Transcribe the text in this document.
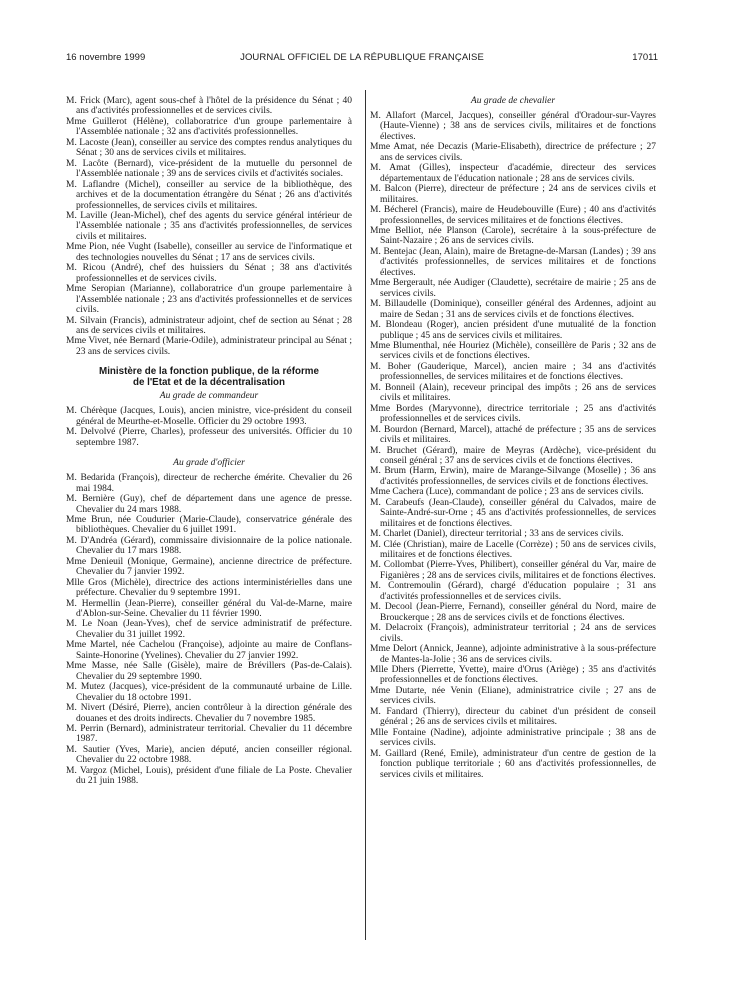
16 novembre 1999	JOURNAL OFFICIEL DE LA RÉPUBLIQUE FRANÇAISE	17011

M. Frick (Marc), agent sous-chef à l'hôtel de la présidence du Sénat ; 40 ans d'activités professionnelles et de services civils.

Mme Guillerot (Hélène), collaboratrice d'un groupe parlementaire à l'Assemblée nationale ; 32 ans d'activités professionnelles.

M. Lacoste (Jean), conseiller au service des comptes rendus analytiques du Sénat ; 30 ans de services civils et militaires.

M. Lacôte (Bernard), vice-président de la mutuelle du personnel de l'Assemblée nationale ; 39 ans de services civils et d'activités sociales.

M. Laflandre (Michel), conseiller au service de la bibliothèque, des archives et de la documentation étrangère du Sénat ; 26 ans d'activités professionnelles, de services civils et militaires.

M. Laville (Jean-Michel), chef des agents du service général intérieur de l'Assemblée nationale ; 35 ans d'activités professionnelles, de services civils et militaires.

Mme Pion, née Vught (Isabelle), conseiller au service de l'informatique et des technologies nouvelles du Sénat ; 17 ans de services civils.

M. Ricou (André), chef des huissiers du Sénat ; 38 ans d'activités professionnelles et de services civils.

Mme Seropian (Marianne), collaboratrice d'un groupe parlementaire à l'Assemblée nationale ; 23 ans d'activités professionnelles et de services civils.

M. Silvain (Francis), administrateur adjoint, chef de section au Sénat ; 28 ans de services civils et militaires.

Mme Vivet, née Bernard (Marie-Odile), administrateur principal au Sénat ; 23 ans de services civils.

Ministère de la fonction publique, de la réforme
de l'Etat et de la décentralisation
Au grade de commandeur

M. Chérèque (Jacques, Louis), ancien ministre, vice-président du conseil général de Meurthe-et-Moselle. Officier du 29 octobre 1993.

M. Delvolvé (Pierre, Charles), professeur des universités. Officier du 10 septembre 1987.

Au grade d'officier

M. Bedarida (François), directeur de recherche émérite. Chevalier du 26 mai 1984.

M. Bernière (Guy), chef de département dans une agence de presse. Chevalier du 24 mars 1988.

Mme Brun, née Coudurier (Marie-Claude), conservatrice générale des bibliothèques. Chevalier du 6 juillet 1991.

M. D'Andréa (Gérard), commissaire divisionnaire de la police nationale. Chevalier du 17 mars 1988.

Mme Denieuil (Monique, Germaine), ancienne directrice de préfecture. Chevalier du 7 janvier 1992.

Mlle Gros (Michèle), directrice des actions interministérielles dans une préfecture. Chevalier du 9 septembre 1991.

M. Hermellin (Jean-Pierre), conseiller général du Val-de-Marne, maire d'Ablon-sur-Seine. Chevalier du 11 février 1990.

M. Le Noan (Jean-Yves), chef de service administratif de préfecture. Chevalier du 31 juillet 1992.

Mme Martel, née Cachelou (Françoise), adjointe au maire de Conflans-Sainte-Honorine (Yvelines). Chevalier du 27 janvier 1992.

Mme Masse, née Salle (Gisèle), maire de Brévillers (Pas-de-Calais). Chevalier du 29 septembre 1990.

M. Mutez (Jacques), vice-président de la communauté urbaine de Lille. Chevalier du 18 octobre 1991.

M. Nivert (Désiré, Pierre), ancien contrôleur à la direction générale des douanes et des droits indirects. Chevalier du 7 novembre 1985.

M. Perrin (Bernard), administrateur territorial. Chevalier du 11 décembre 1987.

M. Sautier (Yves, Marie), ancien député, ancien conseiller régional. Chevalier du 22 octobre 1988.

M. Vargoz (Michel, Louis), président d'une filiale de La Poste. Chevalier du 21 juin 1988.

Au grade de chevalier

M. Allafort (Marcel, Jacques), conseiller général d'Oradour-sur-Vayres (Haute-Vienne) ; 38 ans de services civils, militaires et de fonctions électives.

Mme Amat, née Decazis (Marie-Elisabeth), directrice de préfecture ; 27 ans de services civils.

M. Amat (Gilles), inspecteur d'académie, directeur des services départementaux de l'éducation nationale ; 28 ans de services civils.

M. Balcon (Pierre), directeur de préfecture ; 24 ans de services civils et militaires.

M. Bécherel (Francis), maire de Heudebouville (Eure) ; 40 ans d'activités professionnelles, de services militaires et de fonctions électives.

Mme Belliot, née Planson (Carole), secrétaire à la sous-préfecture de Saint-Nazaire ; 26 ans de services civils.

M. Bentejac (Jean, Alain), maire de Bretagne-de-Marsan (Landes) ; 39 ans d'activités professionnelles, de services militaires et de fonctions électives.

Mme Bergerault, née Audiger (Claudette), secrétaire de mairie ; 25 ans de services civils.

M. Billaudelle (Dominique), conseiller général des Ardennes, adjoint au maire de Sedan ; 31 ans de services civils et de fonctions électives.

M. Blondeau (Roger), ancien président d'une mutualité de la fonction publique ; 45 ans de services civils et militaires.

Mme Blumenthal, née Houriez (Michèle), conseillère de Paris ; 32 ans de services civils et de fonctions électives.

M. Boher (Gauderique, Marcel), ancien maire ; 34 ans d'activités professionnelles, de services militaires et de fonctions électives.

M. Bonneil (Alain), receveur principal des impôts ; 26 ans de services civils et militaires.

Mme Bordes (Maryvonne), directrice territoriale ; 25 ans d'activités professionnelles et de services civils.

M. Bourdon (Bernard, Marcel), attaché de préfecture ; 35 ans de services civils et militaires.

M. Bruchet (Gérard), maire de Meyras (Ardèche), vice-président du conseil général ; 37 ans de services civils et de fonctions électives.

M. Brum (Harm, Erwin), maire de Marange-Silvange (Moselle) ; 36 ans d'activités professionnelles, de services civils et de fonctions électives.

Mme Cachera (Luce), commandant de police ; 23 ans de services civils.

M. Carabeufs (Jean-Claude), conseiller général du Calvados, maire de Sainte-André-sur-Orne ; 45 ans d'activités professionnelles, de services militaires et de fonctions électives.

M. Charlet (Daniel), directeur territorial ; 33 ans de services civils.

M. Clée (Christian), maire de Lacelle (Corrèze) ; 50 ans de services civils, militaires et de fonctions électives.

M. Collombat (Pierre-Yves, Philibert), conseiller général du Var, maire de Figanières ; 28 ans de services civils, militaires et de fonctions électives.

M. Contremoulin (Gérard), chargé d'éducation populaire ; 31 ans d'activités professionnelles et de services civils.

M. Decool (Jean-Pierre, Fernand), conseiller général du Nord, maire de Brouckerque ; 28 ans de services civils et de fonctions électives.

M. Delacroix (François), administrateur territorial ; 24 ans de services civils.

Mme Delort (Annick, Jeanne), adjointe administrative à la sous-préfecture de Mantes-la-Jolie ; 36 ans de services civils.

Mlle Dhers (Pierrette, Yvette), maire d'Orus (Ariège) ; 35 ans d'activités professionnelles et de fonctions électives.

Mme Dutarte, née Venin (Eliane), administratrice civile ; 27 ans de services civils.

M. Fandard (Thierry), directeur du cabinet d'un président de conseil général ; 26 ans de services civils et militaires.

Mlle Fontaine (Nadine), adjointe administrative principale ; 38 ans de services civils.

M. Gaillard (René, Emile), administrateur d'un centre de gestion de la fonction publique territoriale ; 60 ans d'activités professionnelles, de services civils et militaires.
